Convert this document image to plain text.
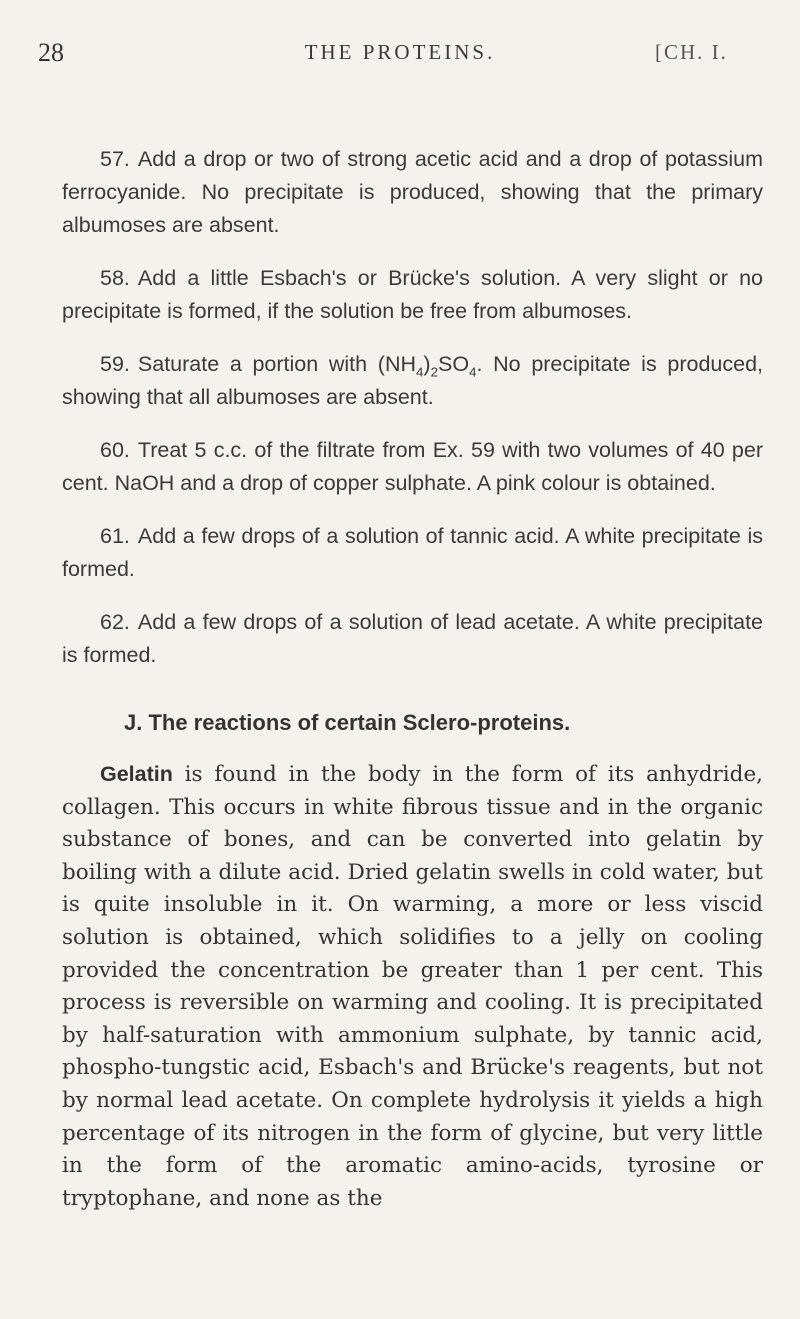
28	THE PROTEINS.	[CH. I.

57. Add a drop or two of strong acetic acid and a drop of potassium ferrocyanide. No precipitate is produced, showing that the primary albumoses are absent.

58. Add a little Esbach's or Brücke's solution. A very slight or no precipitate is formed, if the solution be free from albumoses.

59. Saturate a portion with $(NH_4)_2SO_4$. No precipitate is produced, showing that all albumoses are absent.

60. Treat 5 c.c. of the filtrate from Ex. 59 with two volumes of 40 per cent. NaOH and a drop of copper sulphate. A pink colour is obtained.

61. Add a few drops of a solution of tannic acid. A white precipitate is formed.

62. Add a few drops of a solution of lead acetate. A white precipitate is formed.

J. The reactions of certain Sclero-proteins.

Gelatin is found in the body in the form of its anhydride, collagen. This occurs in white fibrous tissue and in the organic substance of bones, and can be converted into gelatin by boiling with a dilute acid. Dried gelatin swells in cold water, but is quite insoluble in it. On warming, a more or less viscid solution is obtained, which solidifies to a jelly on cooling provided the concentration be greater than 1 per cent. This process is reversible on warming and cooling. It is precipitated by half-saturation with ammonium sulphate, by tannic acid, phospho-tungstic acid, Esbach's and Brücke's reagents, but not by normal lead acetate. On complete hydrolysis it yields a high percentage of its nitrogen in the form of glycine, but very little in the form of the aromatic amino-acids, tyrosine or tryptophane, and none as the
